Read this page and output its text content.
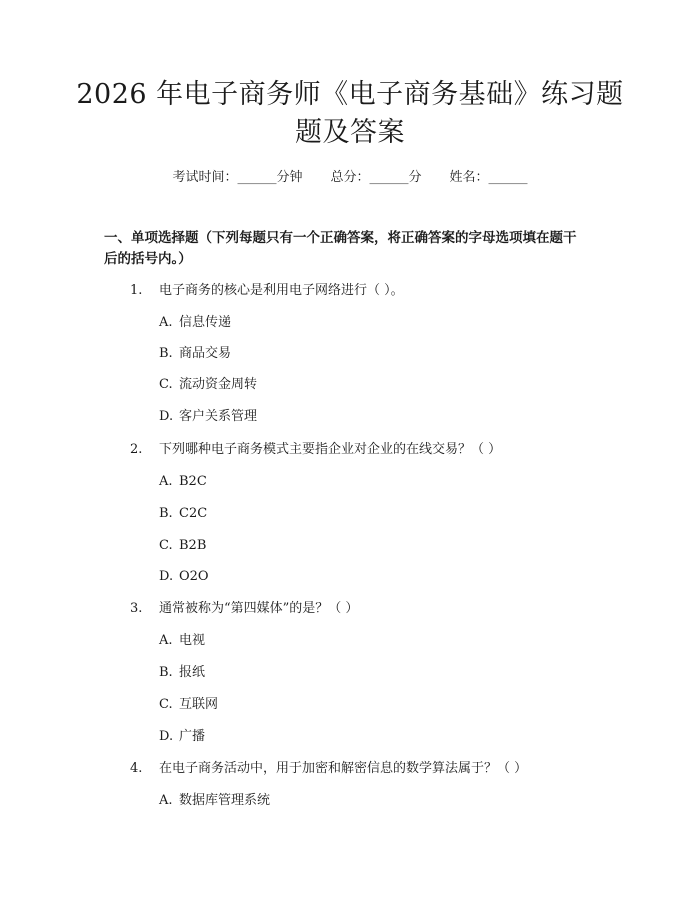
2026 年电子商务师《电子商务基础》练习题
题及答案
考试时间：______分钟 总分：______分 姓名：______
一、单项选择题（下列每题只有一个正确答案，将正确答案的字母选项填在题干
后的括号内。）
1. 电子商务的核心是利用电子网络进行（ ）。
A. 信息传递
B. 商品交易
C. 流动资金周转
D. 客户关系管理
2. 下列哪种电子商务模式主要指企业对企业的在线交易？（ ）
A. B2C
B. C2C
C. B2B
D. O2O
3. 通常被称为“第四媒体”的是？（ ）
A. 电视
B. 报纸
C. 互联网
D. 广播
4. 在电子商务活动中，用于加密和解密信息的数学算法属于？（ ）
A. 数据库管理系统
